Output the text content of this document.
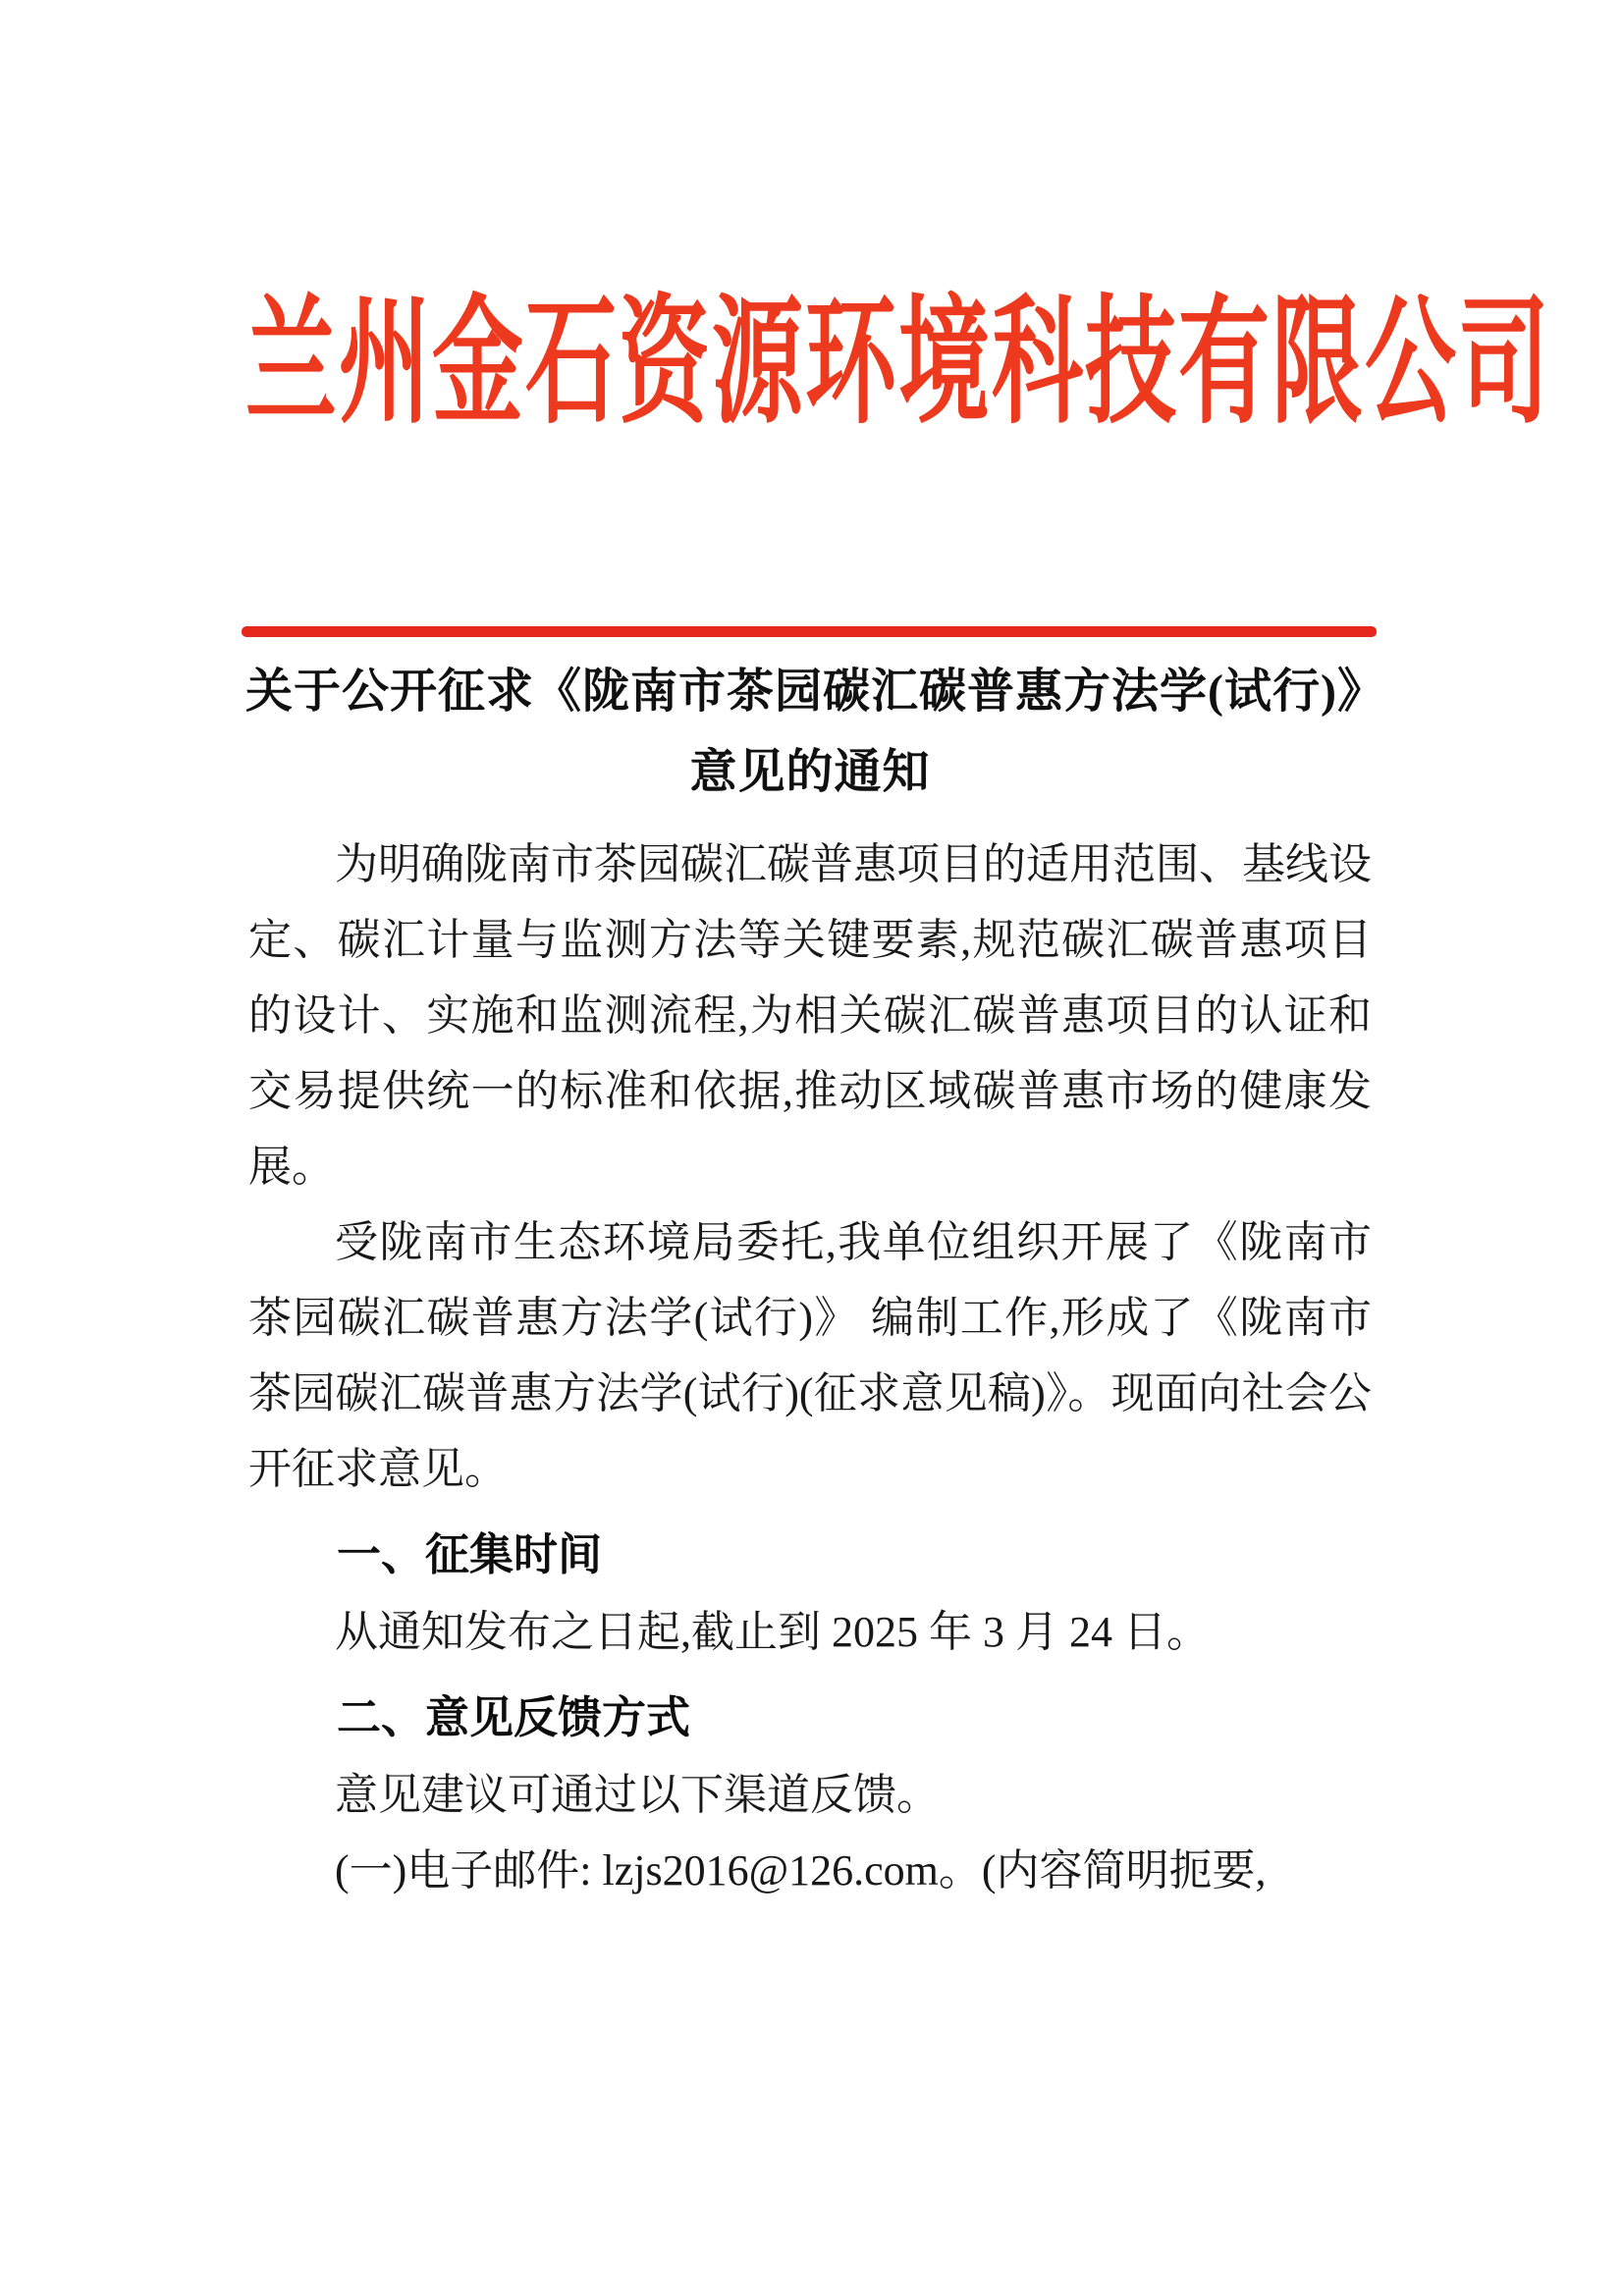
兰州金石资源环境科技有限公司
关于公开征求《陇南市茶园碳汇碳普惠方法学(试行)》
意见的通知

为明确陇南市茶园碳汇碳普惠项目的适用范围、基线设定、碳汇计量与监测方法等关键要素,规范碳汇碳普惠项目的设计、实施和监测流程,为相关碳汇碳普惠项目的认证和交易提供统一的标准和依据,推动区域碳普惠市场的健康发展。

受陇南市生态环境局委托,我单位组织开展了《陇南市茶园碳汇碳普惠方法学(试行)》 编制工作,形成了《陇南市茶园碳汇碳普惠方法学(试行)(征求意见稿)》。现面向社会公开征求意见。

一、征集时间

从通知发布之日起,截止到 2025 年 3 月 24 日。

二、意见反馈方式

意见建议可通过以下渠道反馈。

(一)电子邮件: lzjs2016@126.com。(内容简明扼要,
